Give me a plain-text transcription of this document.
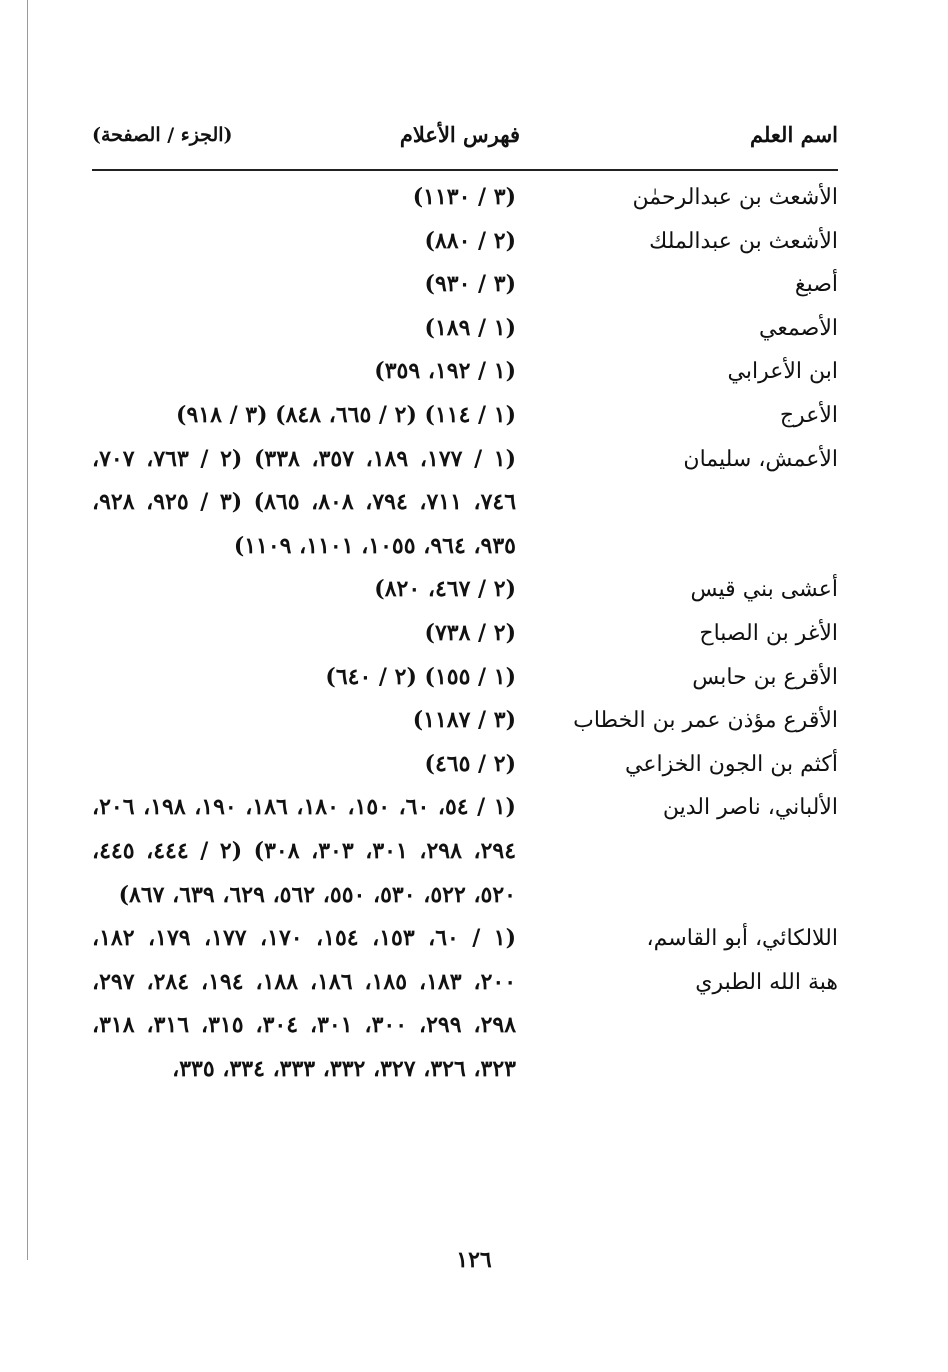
اسم العلم
فهرس الأعلام
(الجزء / الصفحة)
الأشعث بن عبدالرحمٰن
(٣ / ١١٣٠)
الأشعث بن عبدالملك
(٢ / ٨٨٠)
أصبغ
(٣ / ٩٣٠)
الأصمعي
(١ / ١٨٩)
ابن الأعرابي
(١ / ١٩٢، ٣٥٩)
الأعرج
(١ / ١١٤) (٢ / ٦٦٥، ٨٤٨) (٣ / ٩١٨)
الأعمش، سليمان
(١ / ١٧٧، ١٨٩، ٣٥٧، ٣٣٨) (٢ / ٧٦٣، ٧٠٧، ٧٤٦، ٧١١، ٧٩٤، ٨٠٨، ٨٦٥) (٣ / ٩٢٥، ٩٢٨، ٩٣٥، ٩٦٤، ١٠٥٥، ١١٠١، ١١٠٩)
أعشى بني قيس
(٢ / ٤٦٧، ٨٢٠)
الأغر بن الصباح
(٢ / ٧٣٨)
الأقرع بن حابس
(١ / ١٥٥) (٢ / ٦٤٠)
الأقرع مؤذن عمر بن الخطاب
(٣ / ١١٨٧)
أكثم بن الجون الخزاعي
(٢ / ٤٦٥)
الألباني، ناصر الدين
(١ / ٥٤، ٦٠، ١٥٠، ١٨٠، ١٨٦، ١٩٠، ١٩٨، ٢٠٦، ٢٩٤، ٢٩٨، ٣٠١، ٣٠٣، ٣٠٨) (٢ / ٤٤٤، ٤٤٥، ٥٢٠، ٥٢٢، ٥٣٠، ٥٥٠، ٥٦٢، ٦٢٩، ٦٣٩، ٨٦٧)
اللالكائي، أبو القاسم،
هبة الله الطبري
(١ / ٦٠، ١٥٣، ١٥٤، ١٧٠، ١٧٧، ١٧٩، ١٨٢، ٢٠٠، ١٨٣، ١٨٥، ١٨٦، ١٨٨، ١٩٤، ٢٨٤، ٢٩٧، ٢٩٨، ٢٩٩، ٣٠٠، ٣٠١، ٣٠٤، ٣١٥، ٣١٦، ٣١٨، ٣٢٣، ٣٢٦، ٣٢٧، ٣٣٢، ٣٣٣، ٣٣٤، ٣٣٥،
١٢٦
